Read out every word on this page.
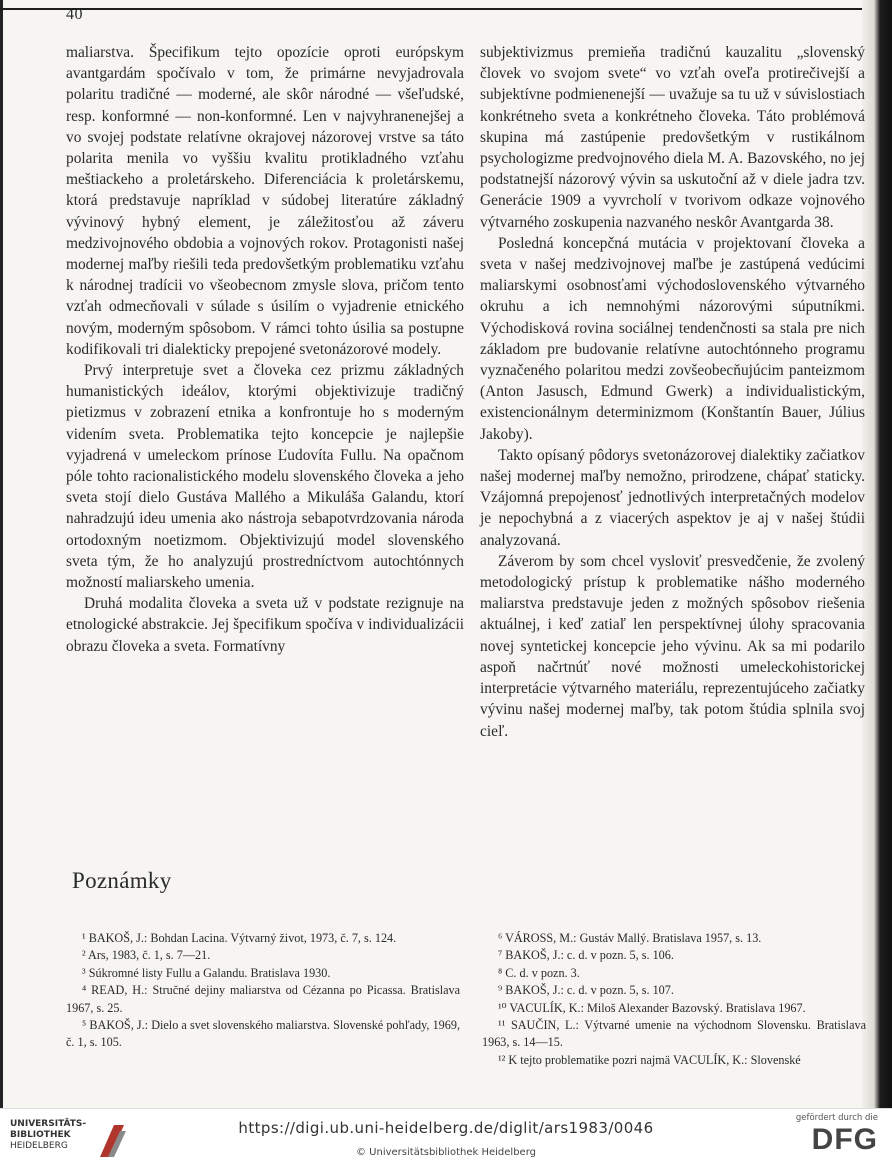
40

maliarstva. Špecifikum tejto opozície oproti európskym avantgardám spočívalo v tom, že primárne nevyjadrovala polaritu tradičné — moderné, ale skôr národné — všeľudské, resp. konformné — non-konformné. Len v najvyhranenejšej a vo svojej podstate relatívne okrajovej názorovej vrstve sa táto polarita menila vo vyššiu kvalitu protikladného vzťahu meštiackeho a proletárskeho. Diferenciácia k proletárskemu, ktorá predstavuje napríklad v súdobej literatúre základný vývinový hybný element, je záležitosťou až záveru medzivojnového obdobia a vojnových rokov. Protagonisti našej modernej maľby riešili teda predovšetkým problematiku vzťahu k národnej tradícii vo všeobecnom zmysle slova, pričom tento vzťah odmecňovali v súlade s úsilím o vyjadrenie etnického novým, moderným spôsobom. V rámci tohto úsilia sa postupne kodifikovali tri dialekticky prepojené svetonázorové modely.

Prvý interpretuje svet a človeka cez prizmu základných humanistických ideálov, ktorými objektivizuje tradičný pietizmus v zobrazení etnika a konfrontuje ho s moderným videním sveta. Problematika tejto koncepcie je najlepšie vyjadrená v umeleckom prínose Ľudovíta Fullu. Na opačnom póle tohto racionalistického modelu slovenského človeka a jeho sveta stojí dielo Gustáva Mallého a Mikuláša Galandu, ktorí nahradzujú ideu umenia ako nástroja sebapotvrdzovania národa ortodoxným noetizmom. Objektivizujú model slovenského sveta tým, že ho analyzujú prostredníctvom autochtónnych možností maliarskeho umenia.

Druhá modalita človeka a sveta už v podstate rezignuje na etnologické abstrakcie. Jej špecifikum spočíva v individualizácii obrazu človeka a sveta. Formatívny

subjektivizmus premieňa tradičnú kauzalitu „slovenský človek vo svojom svete“ vo vzťah oveľa protirečivejší a subjektívne podmienenejší — uvažuje sa tu už v súvislostiach konkrétneho sveta a konkrétneho človeka. Táto problémová skupina má zastúpenie predovšetkým v rustikálnom psychologizme predvojnového diela M. A. Bazovského, no jej podstatnejší názorový vývin sa uskutoční až v diele jadra tzv. Generácie 1909 a vyvrcholí v tvorivom odkaze vojnového výtvarného zoskupenia nazvaného neskôr Avantgarda 38.

Posledná koncepčná mutácia v projektovaní človeka a sveta v našej medzivojnovej maľbe je zastúpená vedúcimi maliarskymi osobnosťami východoslovenského výtvarného okruhu a ich nemnohými názorovými súputníkmi. Východisková rovina sociálnej tendenčnosti sa stala pre nich základom pre budovanie relatívne autochtónneho programu vyznačeného polaritou medzi zovšeobecňujúcim panteizmom (Anton Jasusch, Edmund Gwerk) a individualistickým, existencionálnym determinizmom (Konštantín Bauer, Július Jakoby).

Takto opísaný pôdorys svetonázorovej dialektiky začiatkov našej modernej maľby nemožno, prirodzene, chápať staticky. Vzájomná prepojenosť jednotlivých interpretačných modelov je nepochybná a z viacerých aspektov je aj v našej štúdii analyzovaná.

Záverom by som chcel vysloviť presvedčenie, že zvolený metodologický prístup k problematike nášho moderného maliarstva predstavuje jeden z možných spôsobov riešenia aktuálnej, i keď zatiaľ len perspektívnej úlohy spracovania novej syntetickej koncepcie jeho vývinu. Ak sa mi podarilo aspoň načrtnúť nové možnosti umeleckohistorickej interpretácie výtvarného materiálu, reprezentujúceho začiatky vývinu našej modernej maľby, tak potom štúdia splnila svoj cieľ.

Poznámky

¹ BAKOŠ, J.: Bohdan Lacina. Výtvarný život, 1973, č. 7, s. 124.

² Ars, 1983, č. 1, s. 7—21.

³ Súkromné listy Fullu a Galandu. Bratislava 1930.

⁴ READ, H.: Stručné dejiny maliarstva od Cézanna po Picassa. Bratislava 1967, s. 25.

⁵ BAKOŠ, J.: Dielo a svet slovenského maliarstva. Slovenské pohľady, 1969, č. 1, s. 105.

⁶ VÁROSS, M.: Gustáv Mallý. Bratislava 1957, s. 13.

⁷ BAKOŠ, J.: c. d. v pozn. 5, s. 106.

⁸ C. d. v pozn. 3.

⁹ BAKOŠ, J.: c. d. v pozn. 5, s. 107.

¹⁰ VACULÍK, K.: Miloš Alexander Bazovský. Bratislava 1967.

¹¹ SAUČIN, L.: Výtvarné umenie na východnom Slovensku. Bratislava 1963, s. 14—15.

¹² K tejto problematike pozri najmä VACULÍK, K.: Slovenské

UNIVERSITÄTS-
BIBLIOTHEK
HEIDELBERG
https://digi.ub.uni-heidelberg.de/diglit/ars1983/0046
© Universitätsbibliothek Heidelberg
gefördert durch die
DFG
